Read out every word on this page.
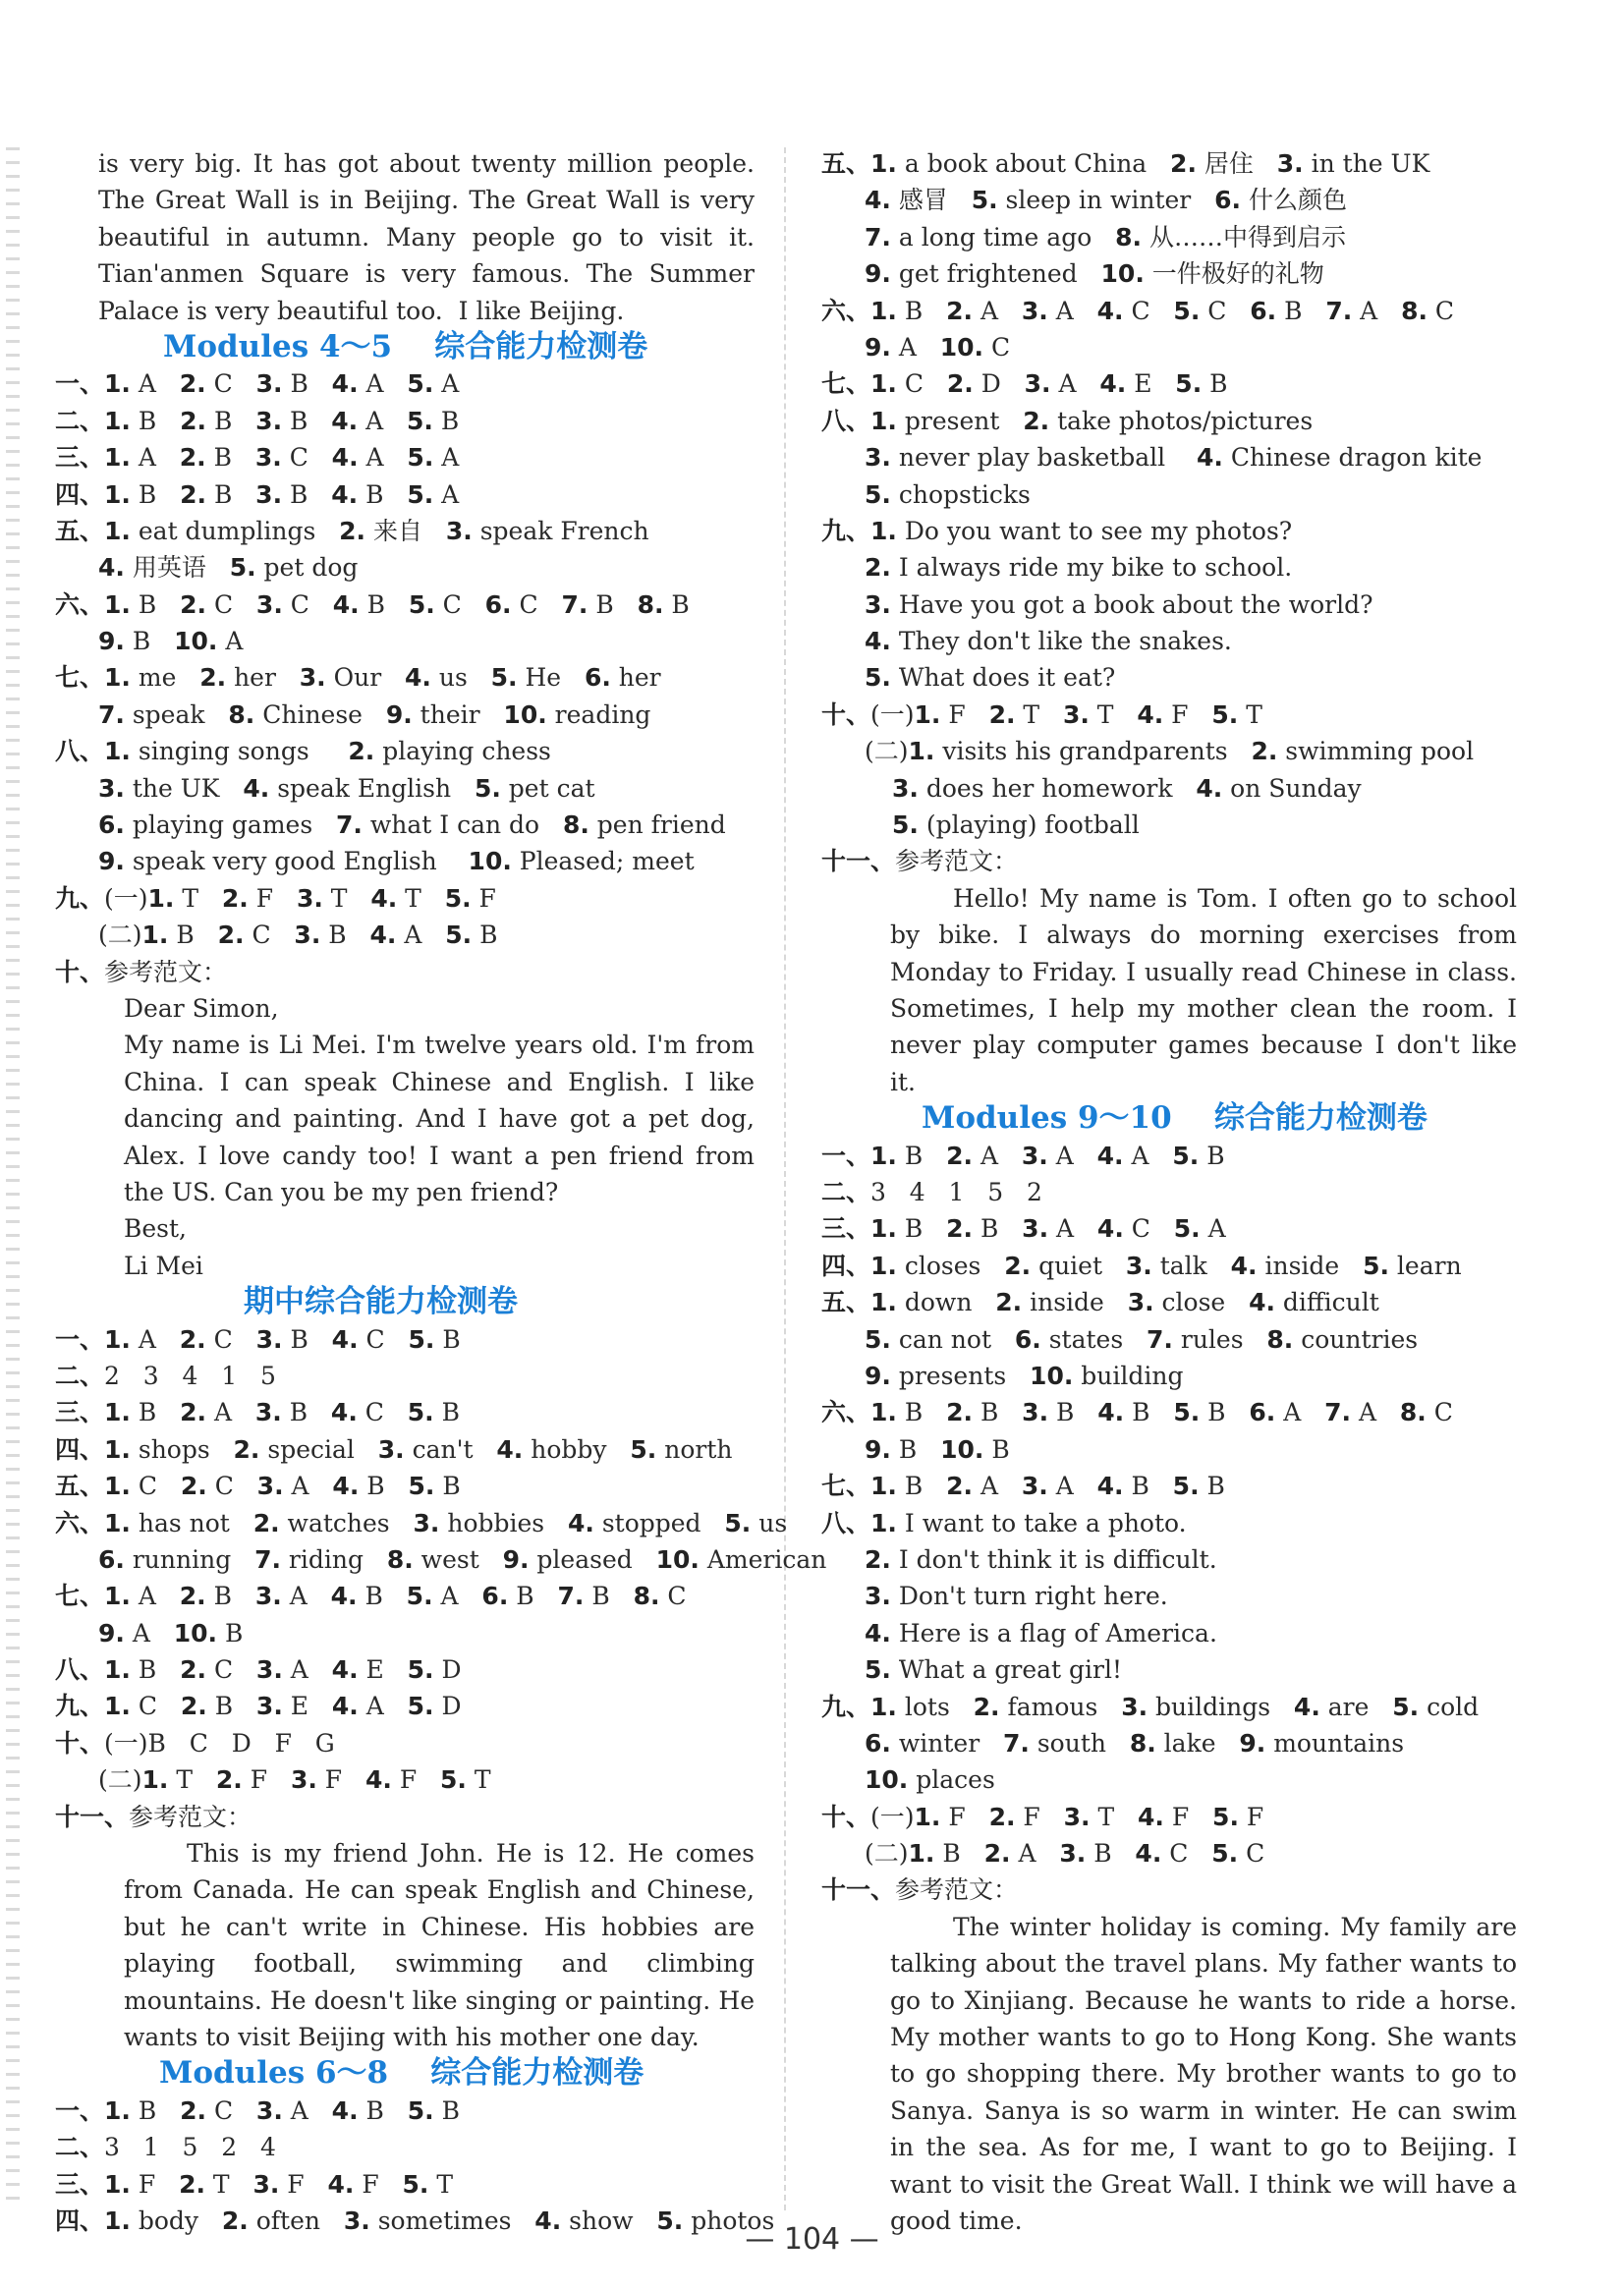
is very big. It has got about twenty million people.
The Great Wall is in Beijing. The Great Wall is very
beautiful in autumn. Many people go to visit it.
Tian'anmen Square is very famous. The Summer
Palace is very beautiful too.  I like Beijing.
Modules 4～5    综合能力检测卷
一、1. A   2. C   3. B   4. A   5. A
二、1. B   2. B   3. B   4. A   5. B
三、1. A   2. B   3. C   4. A   5. A
四、1. B   2. B   3. B   4. B   5. A
五、1. eat dumplings   2. 来自   3. speak French
4. 用英语   5. pet dog
六、1. B   2. C   3. C   4. B   5. C   6. C   7. B   8. B
9. B   10. A
七、1. me   2. her   3. Our   4. us   5. He   6. her
7. speak   8. Chinese   9. their   10. reading
八、1. singing songs     2. playing chess
3. the UK   4. speak English   5. pet cat
6. playing games   7. what I can do   8. pen friend
9. speak very good English    10. Pleased; meet
九、(一)1. T   2. F   3. T   4. T   5. F
(二)1. B   2. C   3. B   4. A   5. B
十、参考范文：
Dear Simon,
My name is Li Mei. I'm twelve years old. I'm from China. I can speak Chinese and English. I like dancing and painting. And I have got a pet dog, Alex. I love candy too! I want a pen friend from the US. Can you be my pen friend?
Best,
Li Mei
期中综合能力检测卷
一、1. A   2. C   3. B   4. C   5. B
二、2   3   4   1   5
三、1. B   2. A   3. B   4. C   5. B
四、1. shops   2. special   3. can't   4. hobby   5. north
五、1. C   2. C   3. A   4. B   5. B
六、1. has not   2. watches   3. hobbies   4. stopped   5. us
6. running   7. riding   8. west   9. pleased   10. American
七、1. A   2. B   3. A   4. B   5. A   6. B   7. B   8. C
9. A   10. B
八、1. B   2. C   3. A   4. E   5. D
九、1. C   2. B   3. E   4. A   5. D
十、(一)B   C   D   F   G
(二)1. T   2. F   3. F   4. F   5. T
十一、参考范文：
This is my friend John. He is 12. He comes from Canada. He can speak English and Chinese, but he can't write in Chinese. His hobbies are playing football, swimming and climbing mountains. He doesn't like singing or painting. He wants to visit Beijing with his mother one day.
Modules 6～8    综合能力检测卷
一、1. B   2. C   3. A   4. B   5. B
二、3   1   5   2   4
三、1. F   2. T   3. F   4. F   5. T
四、1. body   2. often   3. sometimes   4. show   5. photos
五、1. a book about China   2. 居住   3. in the UK
4. 感冒   5. sleep in winter   6. 什么颜色
7. a long time ago   8. 从……中得到启示
9. get frightened   10. 一件极好的礼物
六、1. B   2. A   3. A   4. C   5. C   6. B   7. A   8. C
9. A   10. C
七、1. C   2. D   3. A   4. E   5. B
八、1. present   2. take photos/pictures
3. never play basketball    4. Chinese dragon kite
5. chopsticks
九、1. Do you want to see my photos?
2. I always ride my bike to school.
3. Have you got a book about the world?
4. They don't like the snakes.
5. What does it eat?
十、(一)1. F   2. T   3. T   4. F   5. T
(二)1. visits his grandparents   2. swimming pool
3. does her homework   4. on Sunday
5. (playing) football
十一、参考范文：
Hello! My name is Tom. I often go to school by bike. I always do morning exercises from Monday to Friday. I usually read Chinese in class. Sometimes, I help my mother clean the room. I never play computer games because I don't like it.
Modules 9～10    综合能力检测卷
一、1. B   2. A   3. A   4. A   5. B
二、3   4   1   5   2
三、1. B   2. B   3. A   4. C   5. A
四、1. closes   2. quiet   3. talk   4. inside   5. learn
五、1. down   2. inside   3. close   4. difficult
5. can not   6. states   7. rules   8. countries
9. presents   10. building
六、1. B   2. B   3. B   4. B   5. B   6. A   7. A   8. C
9. B   10. B
七、1. B   2. A   3. A   4. B   5. B
八、1. I want to take a photo.
2. I don't think it is difficult.
3. Don't turn right here.
4. Here is a flag of America.
5. What a great girl!
九、1. lots   2. famous   3. buildings   4. are   5. cold
6. winter   7. south   8. lake   9. mountains
10. places
十、(一)1. F   2. F   3. T   4. F   5. F
(二)1. B   2. A   3. B   4. C   5. C
十一、参考范文：
The winter holiday is coming. My family are talking about the travel plans. My father wants to go to Xinjiang. Because he wants to ride a horse. My mother wants to go to Hong Kong. She wants to go shopping there. My brother wants to go to Sanya. Sanya is so warm in winter. He can swim in the sea. As for me, I want to go to Beijing. I want to visit the Great Wall. I think we will have a good time.
— 104 —
